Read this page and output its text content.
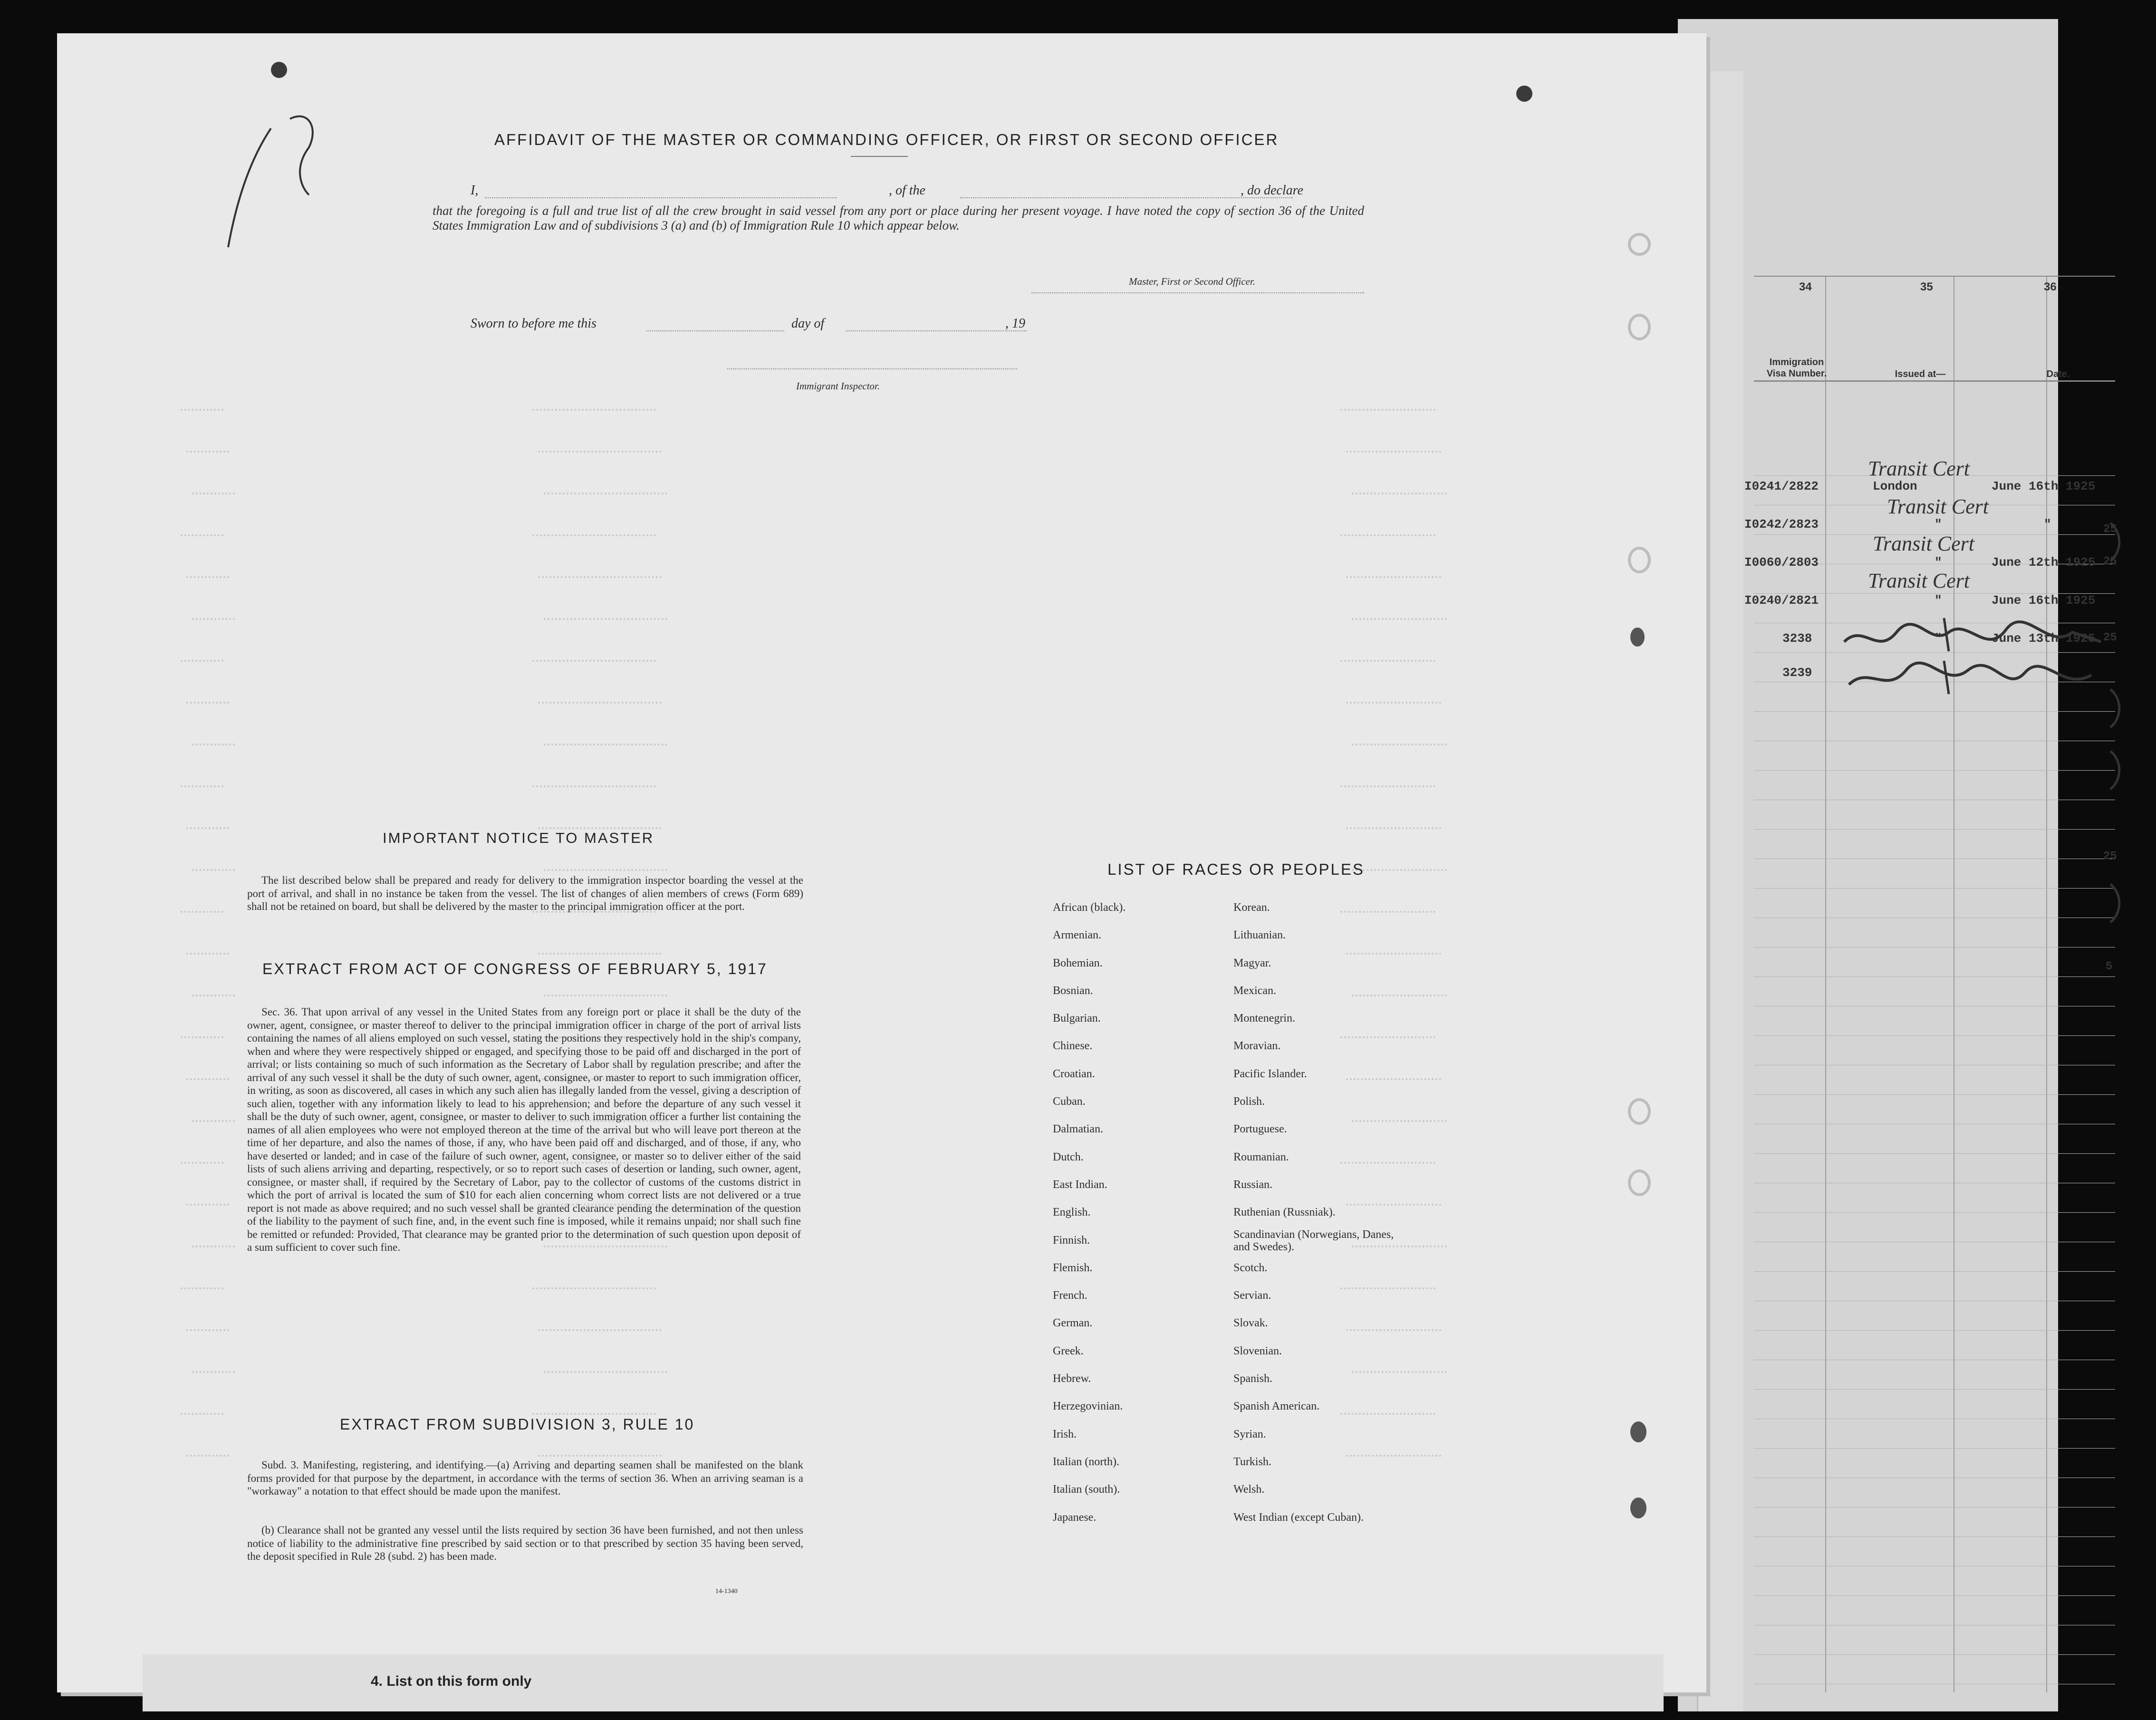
34	35	36
Immigration Visa Number.	Issued at—	Date.
I0241/2822	London	June 16th 1925
Transit Cert
I0242/2823	"	"
Transit Cert
I0060/2803	"	June 12th 1925
Transit Cert
I0240/2821	"	June 16th 1925
Transit Cert
3238	"	June 13th 1925
3239
25
25
25
25
5
AFFIDAVIT OF THE MASTER OR COMMANDING OFFICER, OR FIRST OR SECOND OFFICER
I,	, of the	, do declare
that the foregoing is a full and true list of all the crew brought in said vessel from any port or place during her present voyage. I have noted the copy of section 36 of the United States Immigration Law and of subdivisions 3 (a) and (b) of Immigration Rule 10 which appear below.
Master, First or Second Officer.
Sworn to before me this	day of	, 19
Immigrant Inspector.
IMPORTANT NOTICE TO MASTER
The list described below shall be prepared and ready for delivery to the immigration inspector boarding the vessel at the port of arrival, and shall in no instance be taken from the vessel. The list of changes of alien members of crews (Form 689) shall not be retained on board, but shall be delivered by the master to the principal immigration officer at the port.
EXTRACT FROM ACT OF CONGRESS OF FEBRUARY 5, 1917
Sec. 36. That upon arrival of any vessel in the United States from any foreign port or place it shall be the duty of the owner, agent, consignee, or master thereof to deliver to the principal immigration officer in charge of the port of arrival lists containing the names of all aliens employed on such vessel, stating the positions they respectively hold in the ship's company, when and where they were respectively shipped or engaged, and specifying those to be paid off and discharged in the port of arrival; or lists containing so much of such information as the Secretary of Labor shall by regulation prescribe; and after the arrival of any such vessel it shall be the duty of such owner, agent, consignee, or master to report to such immigration officer, in writing, as soon as discovered, all cases in which any such alien has illegally landed from the vessel, giving a description of such alien, together with any information likely to lead to his apprehension; and before the departure of any such vessel it shall be the duty of such owner, agent, consignee, or master to deliver to such immigration officer a further list containing the names of all alien employees who were not employed thereon at the time of the arrival but who will leave port thereon at the time of her departure, and also the names of those, if any, who have been paid off and discharged, and of those, if any, who have deserted or landed; and in case of the failure of such owner, agent, consignee, or master so to deliver either of the said lists of such aliens arriving and departing, respectively, or so to report such cases of desertion or landing, such owner, agent, consignee, or master shall, if required by the Secretary of Labor, pay to the collector of customs of the customs district in which the port of arrival is located the sum of $10 for each alien concerning whom correct lists are not delivered or a true report is not made as above required; and no such vessel shall be granted clearance pending the determination of the question of the liability to the payment of such fine, and, in the event such fine is imposed, while it remains unpaid; nor shall such fine be remitted or refunded: Provided, That clearance may be granted prior to the determination of such question upon deposit of a sum sufficient to cover such fine.
EXTRACT FROM SUBDIVISION 3, RULE 10
Subd. 3. Manifesting, registering, and identifying.—(a) Arriving and departing seamen shall be manifested on the blank forms provided for that purpose by the department, in accordance with the terms of section 36. When an arriving seaman is a "workaway" a notation to that effect should be made upon the manifest.
(b) Clearance shall not be granted any vessel until the lists required by section 36 have been furnished, and not then unless notice of liability to the administrative fine prescribed by said section or to that prescribed by section 35 having been served, the deposit specified in Rule 28 (subd. 2) has been made.
14-1340
LIST OF RACES OR PEOPLES
African (black).
Armenian.
Bohemian.
Bosnian.
Bulgarian.
Chinese.
Croatian.
Cuban.
Dalmatian.
Dutch.
East Indian.
English.
Finnish.
Flemish.
French.
German.
Greek.
Hebrew.
Herzegovinian.
Irish.
Italian (north).
Italian (south).
Japanese.
Korean.
Lithuanian.
Magyar.
Mexican.
Montenegrin.
Moravian.
Pacific Islander.
Polish.
Portuguese.
Roumanian.
Russian.
Ruthenian (Russniak).
Scandinavian (Norwegians, Danes, and Swedes).
Scotch.
Servian.
Slovak.
Slovenian.
Spanish.
Spanish American.
Syrian.
Turkish.
Welsh.
West Indian (except Cuban).
4. List on this form only
